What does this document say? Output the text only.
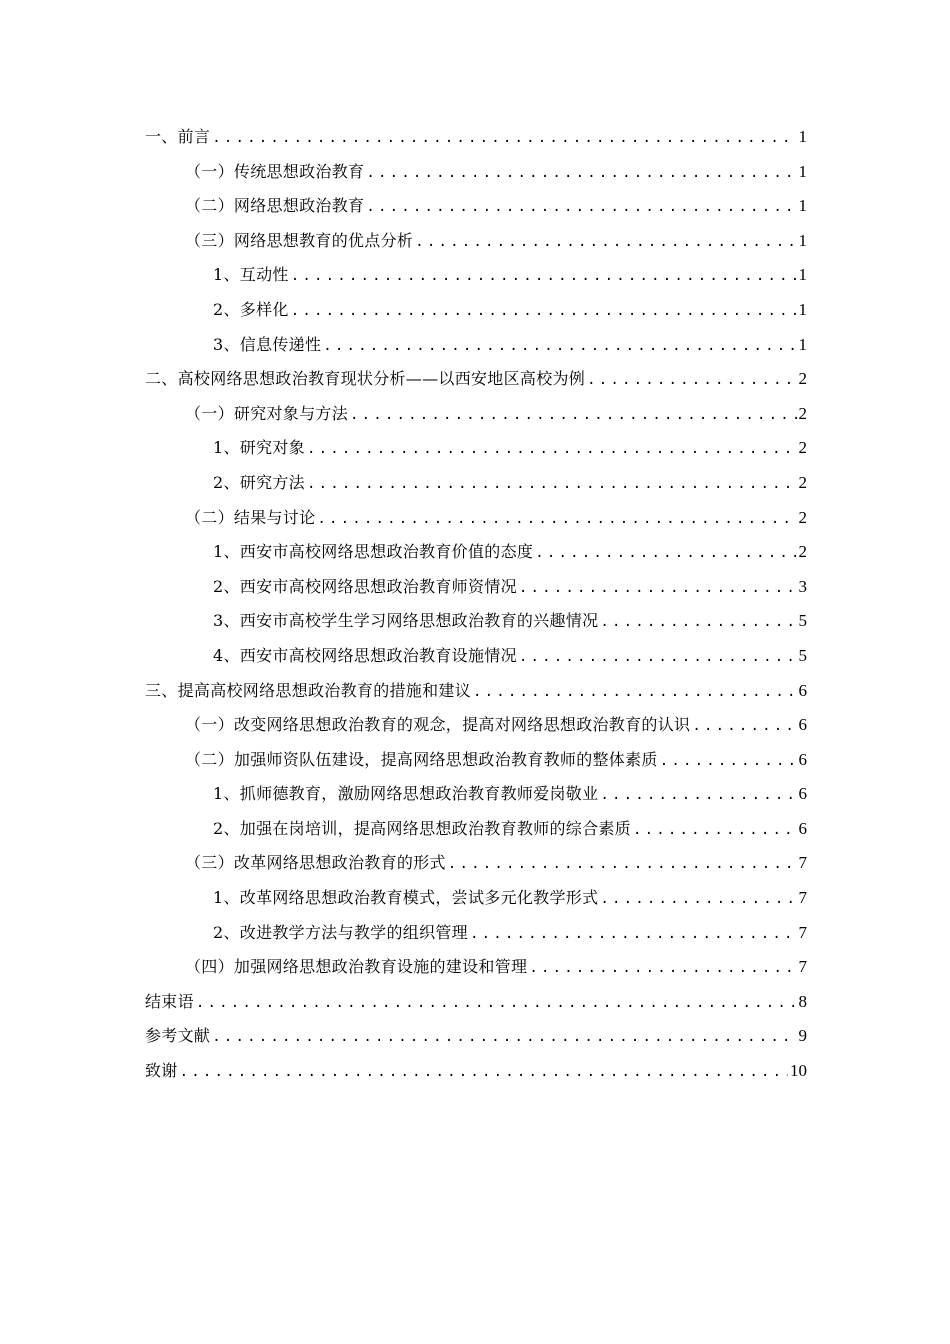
一、前言 .....	1
（一）传统思想政治教育 .....	1
（二）网络思想政治教育 .....	1
（三）网络思想教育的优点分析 .....	1
1、互动性 .....	1
2、多样化 .....	1
3、信息传递性 .....	1
二、高校网络思想政治教育现状分析——以西安地区高校为例 .....	2
（一）研究对象与方法 .....	2
1、研究对象 .....	2
2、研究方法 .....	2
（二）结果与讨论 .....	2
1、西安市高校网络思想政治教育价值的态度 .....	2
2、西安市高校网络思想政治教育师资情况 .....	3
3、西安市高校学生学习网络思想政治教育的兴趣情况 .....	5
4、西安市高校网络思想政治教育设施情况 .....	5
三、提高高校网络思想政治教育的措施和建议 .....	6
（一）改变网络思想政治教育的观念，提高对网络思想政治教育的认识 .....	6
（二）加强师资队伍建设，提高网络思想政治教育教师的整体素质 .....	6
1、抓师德教育，激励网络思想政治教育教师爱岗敬业 .....	6
2、加强在岗培训，提高网络思想政治教育教师的综合素质 .....	6
（三）改革网络思想政治教育的形式 .....	7
1、改革网络思想政治教育模式，尝试多元化教学形式 .....	7
2、改进教学方法与教学的组织管理 .....	7
（四）加强网络思想政治教育设施的建设和管理 .....	7
结束语 .....	8
参考文献 .....	9
致谢 .....	10
